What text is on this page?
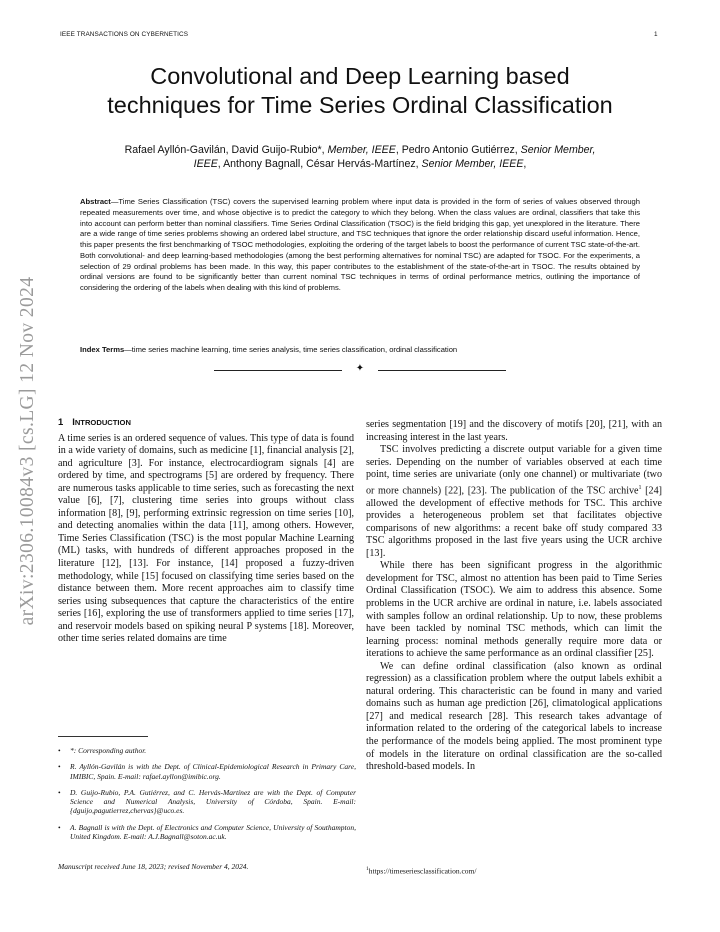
IEEE TRANSACTIONS ON CYBERNETICS	1
arXiv:2306.10084v3 [cs.LG] 12 Nov 2024
Convolutional and Deep Learning based
techniques for Time Series Ordinal Classification
Rafael Ayllón-Gavilán, David Guijo-Rubio*, Member, IEEE, Pedro Antonio Gutiérrez, Senior Member,
IEEE, Anthony Bagnall, César Hervás-Martínez, Senior Member, IEEE,
Abstract—Time Series Classification (TSC) covers the supervised learning problem where input data is provided in the form of series of values observed through repeated measurements over time, and whose objective is to predict the category to which they belong. When the class values are ordinal, classifiers that take this into account can perform better than nominal classifiers. Time Series Ordinal Classification (TSOC) is the field bridging this gap, yet unexplored in the literature. There are a wide range of time series problems showing an ordered label structure, and TSC techniques that ignore the order relationship discard useful information. Hence, this paper presents the first benchmarking of TSOC methodologies, exploiting the ordering of the target labels to boost the performance of current TSC state-of-the-art. Both convolutional- and deep learning-based methodologies (among the best performing alternatives for nominal TSC) are adapted for TSOC. For the experiments, a selection of 29 ordinal problems has been made. In this way, this paper contributes to the establishment of the state-of-the-art in TSOC. The results obtained by ordinal versions are found to be significantly better than current nominal TSC techniques in terms of ordinal performance metrics, outlining the importance of considering the ordering of the labels when dealing with this kind of problems.
Index Terms—time series machine learning, time series analysis, time series classification, ordinal classification
✦

1 INTRODUCTION

A time series is an ordered sequence of values. This type of data is found in a wide variety of domains, such as medicine [1], financial analysis [2], and agriculture [3]. For instance, electrocardiogram signals [4] are ordered by time, and spectrograms [5] are ordered by frequency. There are numerous tasks applicable to time series, such as forecasting the next value [6], [7], clustering time series into groups without class information [8], [9], performing extrinsic regression on time series [10], and detecting anomalies within the data [11], among others. However, Time Series Classification (TSC) is the most popular Machine Learning (ML) tasks, with hundreds of different approaches proposed in the literature [12], [13]. For instance, [14] proposed a fuzzy-driven methodology, while [15] focused on classifying time series based on the distance between them. More recent approaches aim to classify time series using subsequences that capture the characteristics of the entire series [16], exploring the use of transformers applied to time series [17], and reservoir models based on spiking neural P systems [18]. Moreover, other time series related domains are time

series segmentation [19] and the discovery of motifs [20], [21], with an increasing interest in the last years.

TSC involves predicting a discrete output variable for a given time series. Depending on the number of variables observed at each time point, time series are univariate (only one channel) or multivariate (two or more channels) [22], [23]. The publication of the TSC archive$^1$ [24] allowed the development of effective methods for TSC. This archive provides a heterogeneous problem set that facilitates objective comparisons of new algorithms: a recent bake off study compared 33 TSC algorithms proposed in the last five years using the UCR archive [13].

While there has been significant progress in the algorithmic development for TSC, almost no attention has been paid to Time Series Ordinal Classification (TSOC). We aim to address this absence. Some problems in the UCR archive are ordinal in nature, i.e. labels associated with samples follow an ordinal relationship. Up to now, these problems have been tackled by nominal TSC methods, which can limit the learning process: nominal methods generally require more data or iterations to achieve the same performance as an ordinal classifier [25].

We can define ordinal classification (also known as ordinal regression) as a classification problem where the output labels exhibit a natural ordering. This characteristic can be found in many and varied domains such as human age prediction [26], climatological applications [27] and medical research [28]. This research takes advantage of information related to the ordering of the categorical labels to increase the performance of the models being applied. The most prominent type of models in the literature on ordinal classification are the so-called threshold-based models. In

• *: Corresponding author.
• R. Ayllón-Gavilán is with the Dept. of Clinical-Epidemiological Research in Primary Care, IMIBIC, Spain. E-mail: rafael.ayllon@imibic.org.
• D. Guijo-Rubio, P.A. Gutiérrez, and C. Hervás-Martínez are with the Dept. of Computer Science and Numerical Analysis, University of Córdoba, Spain. E-mail: {dguijo,pagutierrez,chervas}@uco.es.
• A. Bagnall is with the Dept. of Electronics and Computer Science, University of Southampton, United Kingdom. E-mail: A.J.Bagnall@soton.ac.uk.
Manuscript received June 18, 2023; revised November 4, 2024.	$^1$https://timeseriesclassification.com/
